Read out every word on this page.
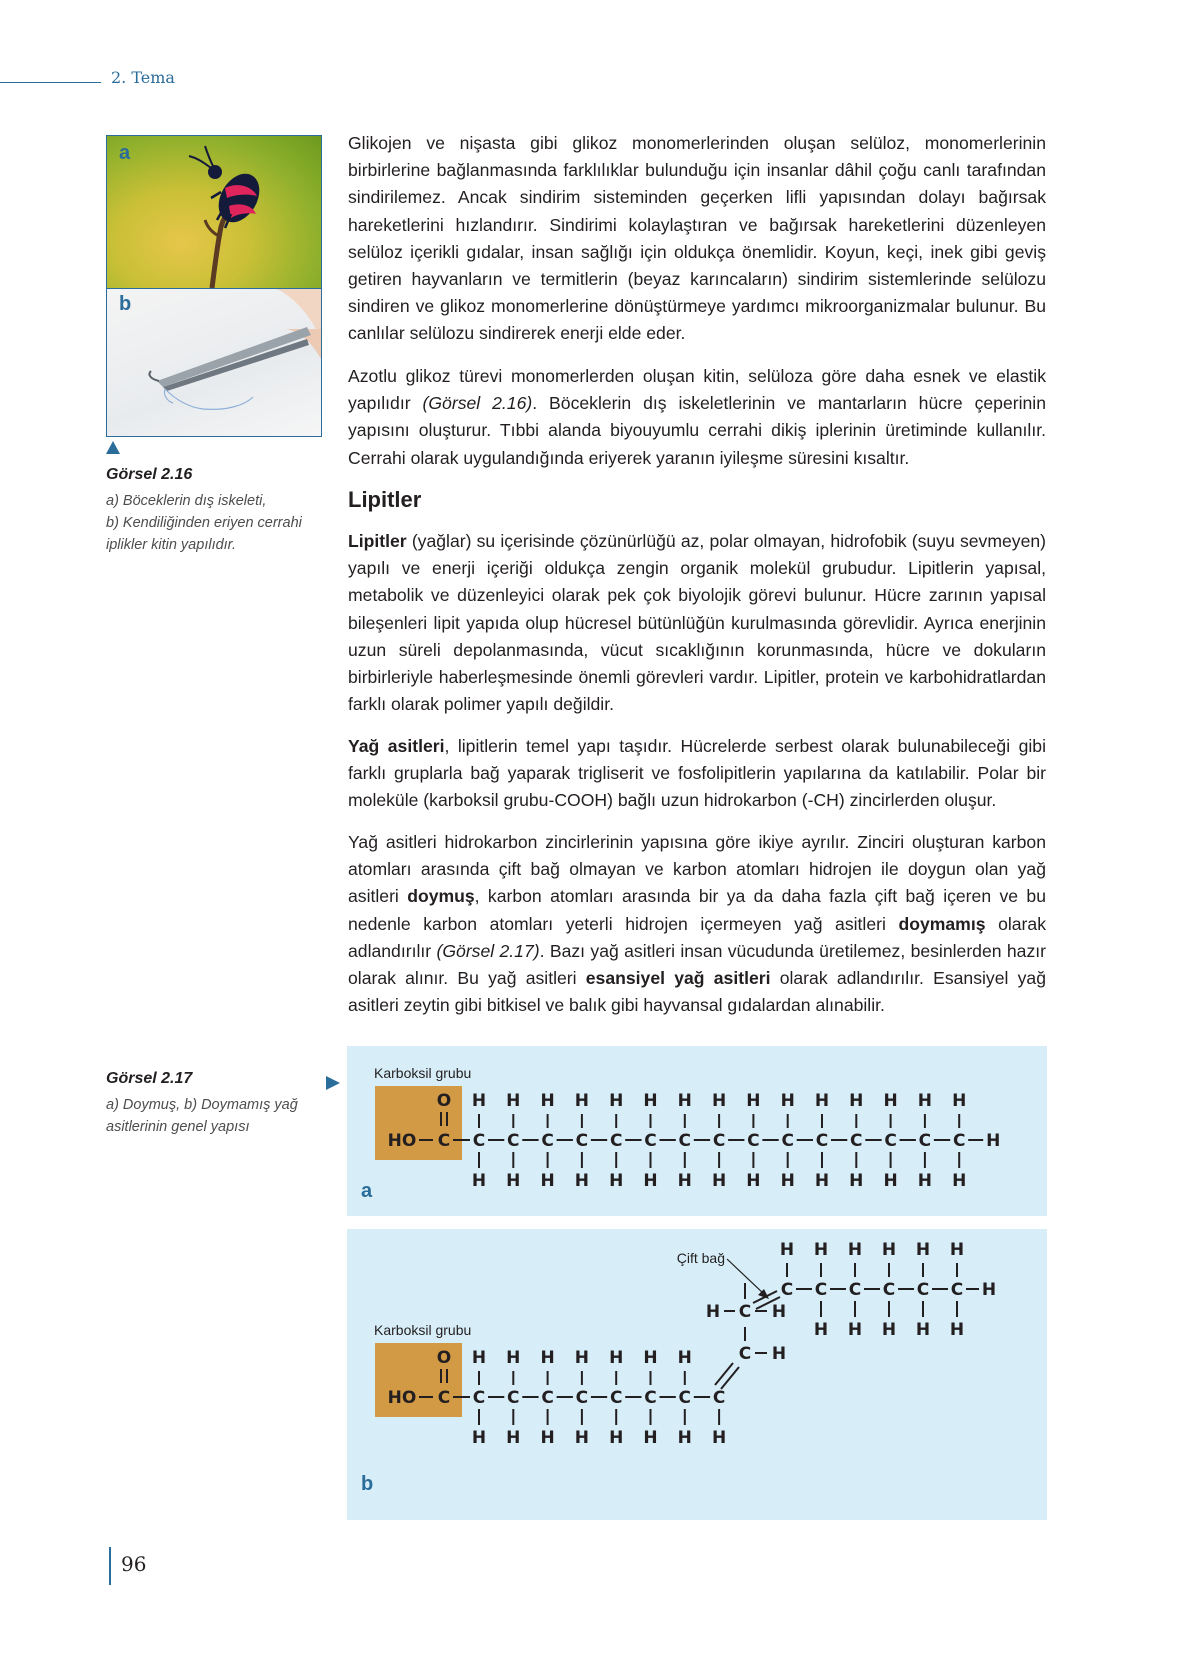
2. Tema
a
b
Görsel 2.16
a) Böceklerin dış iskeleti,
b) Kendiliğinden eriyen cerrahi iplikler kitin yapılıdır.
Glikojen ve nişasta gibi glikoz monomerlerinden oluşan selüloz, monomerlerinin birbirlerine bağlanmasında farklılıklar bulunduğu için insanlar dâhil çoğu canlı tarafından sindirilemez. Ancak sindirim sisteminden geçerken lifli yapısından dolayı bağırsak hareketlerini hızlandırır. Sindirimi kolaylaştıran ve bağırsak hareketlerini düzenleyen selüloz içerikli gıdalar, insan sağlığı için oldukça önemlidir. Koyun, keçi, inek gibi geviş getiren hayvanların ve termitlerin (beyaz karıncaların) sindirim sistemlerinde selülozu sindiren ve glikoz monomerlerine dönüştürmeye yardımcı mikroorganizmalar bulunur. Bu canlılar selülozu sindirerek enerji elde eder.
Azotlu glikoz türevi monomerlerden oluşan kitin, selüloza göre daha esnek ve elastik yapılıdır (Görsel 2.16). Böceklerin dış iskeletlerinin ve mantarların hücre çeperinin yapısını oluşturur. Tıbbi alanda biyouyumlu cerrahi dikiş iplerinin üretiminde kullanılır. Cerrahi olarak uygulandığında eriyerek yaranın iyileşme süresini kısaltır.
Lipitler
Lipitler (yağlar) su içerisinde çözünürlüğü az, polar olmayan, hidrofobik (suyu sevmeyen) yapılı ve enerji içeriği oldukça zengin organik molekül grubudur. Lipitlerin yapısal, metabolik ve düzenleyici olarak pek çok biyolojik görevi bulunur. Hücre zarının yapısal bileşenleri lipit yapıda olup hücresel bütünlüğün kurulmasında görevlidir. Ayrıca enerjinin uzun süreli depolanmasında, vücut sıcaklığının korunmasında, hücre ve dokuların birbirleriyle haberleşmesinde önemli görevleri vardır. Lipitler, protein ve karbohidratlardan farklı olarak polimer yapılı değildir.
Yağ asitleri, lipitlerin temel yapı taşıdır. Hücrelerde serbest olarak bulunabileceği gibi farklı gruplarla bağ yaparak trigliserit ve fosfolipitlerin yapılarına da katılabilir. Polar bir moleküle (karboksil grubu-COOH) bağlı uzun hidrokarbon (-CH) zincirlerden oluşur.
Yağ asitleri hidrokarbon zincirlerinin yapısına göre ikiye ayrılır. Zinciri oluşturan karbon atomları arasında çift bağ olmayan ve karbon atomları hidrojen ile doygun olan yağ asitleri doymuş, karbon atomları arasında bir ya da daha fazla çift bağ içeren ve bu nedenle karbon atomları yeterli hidrojen içermeyen yağ asitleri doymamış olarak adlandırılır (Görsel 2.17). Bazı yağ asitleri insan vücudunda üretilemez, besinlerden hazır olarak alınır. Bu yağ asitleri esansiyel yağ asitleri olarak adlandırılır. Esansiyel yağ asitleri zeytin gibi bitkisel ve balık gibi hayvansal gıdalardan alınabilir.
Görsel 2.17
a) Doymuş, b) Doymamış yağ asitlerinin genel yapısı
Karboksil grubu
HO C
O
C
H
H
C
H
H
C
H
H
C
H
H
C
H
H
C
H
H
C
H
H
C
H
H
C
H
H
C
H
H
C
H
H
C
H
H
C
H
H
C
H
H
C
H
H
H
a
Karboksil grubu
HO C
O
C
H
H
C
H
H
C
H
H
C
H
H
C
H
H
C
H
H
C
H
H
C
H
C
H
C
H
H
C
H
H
C
H
H
C
H
H
C
H
H
H
Çift bağ
C H
H C H
b
96
